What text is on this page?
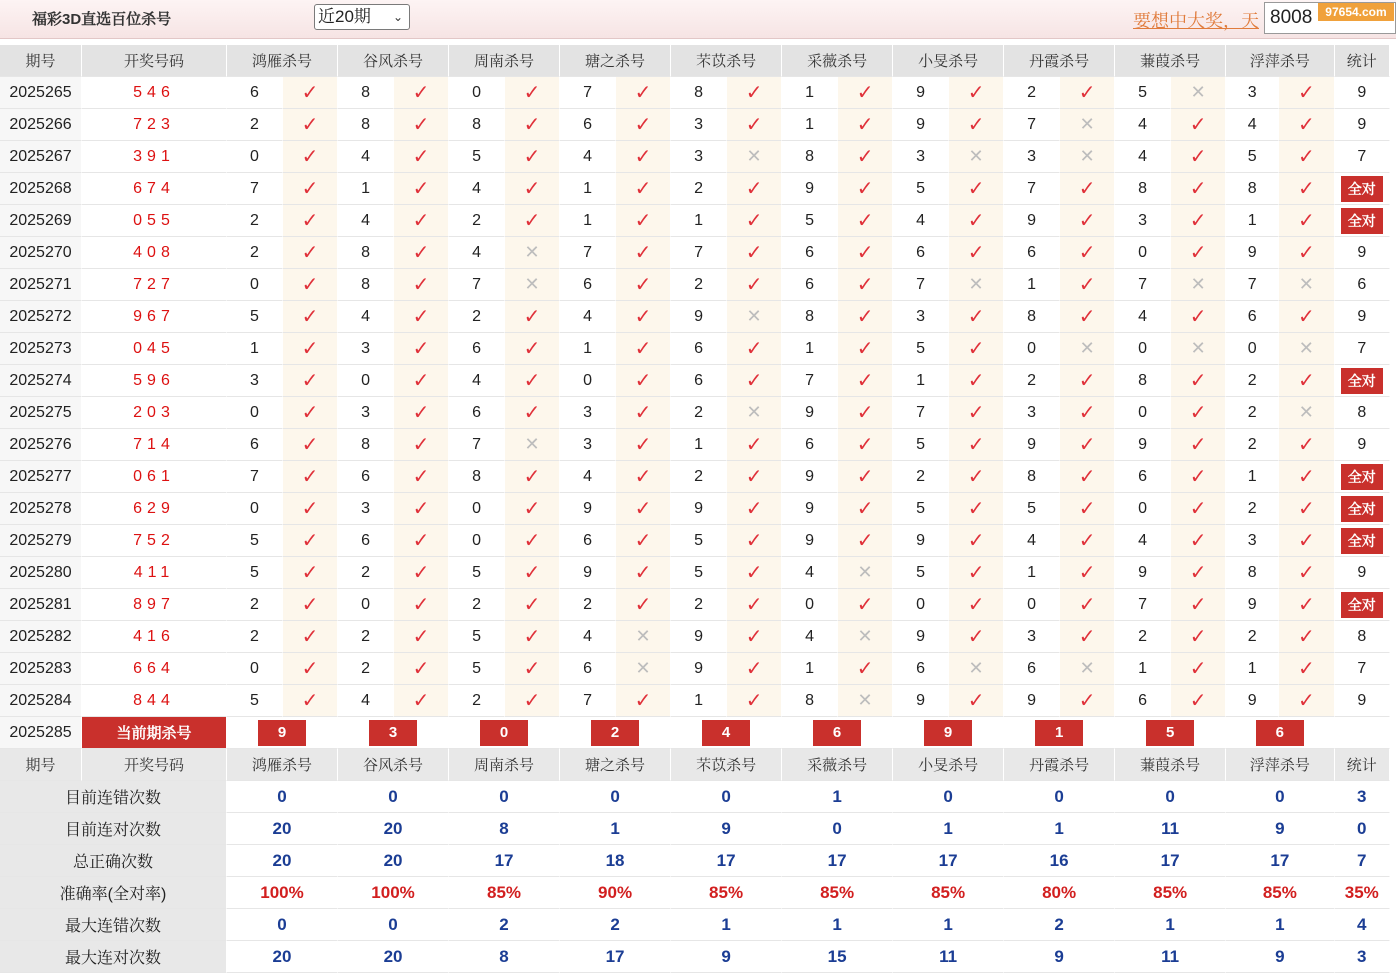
福彩3D直选百位杀号	近20期 ⌄	要想中大奖，天 8008	97654.com
期号	开奖号码	鸿雁杀号		谷风杀号		周南杀号		瑭之杀号		芣苡杀号		采薇杀号		小旻杀号		丹霞杀号		蒹葭杀号		浮萍杀号		统计
2025265	546	6	✓	8	✓	0	✓	7	✓	8	✓	1	✓	9	✓	2	✓	5	✕	3	✓	9
2025266	723	2	✓	8	✓	8	✓	6	✓	3	✓	1	✓	9	✓	7	✕	4	✓	4	✓	9
2025267	391	0	✓	4	✓	5	✓	4	✓	3	✕	8	✓	3	✕	3	✕	4	✓	5	✓	7
2025268	674	7	✓	1	✓	4	✓	1	✓	2	✓	9	✓	5	✓	7	✓	8	✓	8	✓	全对
2025269	055	2	✓	4	✓	2	✓	1	✓	1	✓	5	✓	4	✓	9	✓	3	✓	1	✓	全对
2025270	408	2	✓	8	✓	4	✕	7	✓	7	✓	6	✓	6	✓	6	✓	0	✓	9	✓	9
2025271	727	0	✓	8	✓	7	✕	6	✓	2	✓	6	✓	7	✕	1	✓	7	✕	7	✕	6
2025272	967	5	✓	4	✓	2	✓	4	✓	9	✕	8	✓	3	✓	8	✓	4	✓	6	✓	9
2025273	045	1	✓	3	✓	6	✓	1	✓	6	✓	1	✓	5	✓	0	✕	0	✕	0	✕	7
2025274	596	3	✓	0	✓	4	✓	0	✓	6	✓	7	✓	1	✓	2	✓	8	✓	2	✓	全对
2025275	203	0	✓	3	✓	6	✓	3	✓	2	✕	9	✓	7	✓	3	✓	0	✓	2	✕	8
2025276	714	6	✓	8	✓	7	✕	3	✓	1	✓	6	✓	5	✓	9	✓	9	✓	2	✓	9
2025277	061	7	✓	6	✓	8	✓	4	✓	2	✓	9	✓	2	✓	8	✓	6	✓	1	✓	全对
2025278	629	0	✓	3	✓	0	✓	9	✓	9	✓	9	✓	5	✓	5	✓	0	✓	2	✓	全对
2025279	752	5	✓	6	✓	0	✓	6	✓	5	✓	9	✓	9	✓	4	✓	4	✓	3	✓	全对
2025280	411	5	✓	2	✓	5	✓	9	✓	5	✓	4	✕	5	✓	1	✓	9	✓	8	✓	9
2025281	897	2	✓	0	✓	2	✓	2	✓	2	✓	0	✓	0	✓	0	✓	7	✓	9	✓	全对
2025282	416	2	✓	2	✓	5	✓	4	✕	9	✓	4	✕	9	✓	3	✓	2	✓	2	✓	8
2025283	664	0	✓	2	✓	5	✓	6	✕	9	✓	1	✓	6	✕	6	✕	1	✓	1	✓	7
2025284	844	5	✓	4	✓	2	✓	7	✓	1	✓	8	✕	9	✓	9	✓	6	✓	9	✓	9
2025285	当前期杀号	9		3		0		2		4		6		9		1		5		6		
期号	开奖号码	鸿雁杀号		谷风杀号		周南杀号		瑭之杀号		芣苡杀号		采薇杀号		小旻杀号		丹霞杀号		蒹葭杀号		浮萍杀号		统计
目前连错次数		0		0		0		0		0		1		0		0		0		0		3
目前连对次数		20		20		8		1		9		0		1		1		11		9		0
总正确次数		20		20		17		18		17		17		17		16		17		17		7
准确率(全对率)		100%		100%		85%		90%		85%		85%		85%		80%		85%		85%		35%
最大连错次数		0		0		2		2		1		1		1		2		1		1		4
最大连对次数		20		20		8		17		9		15		11		9		11		9		3
